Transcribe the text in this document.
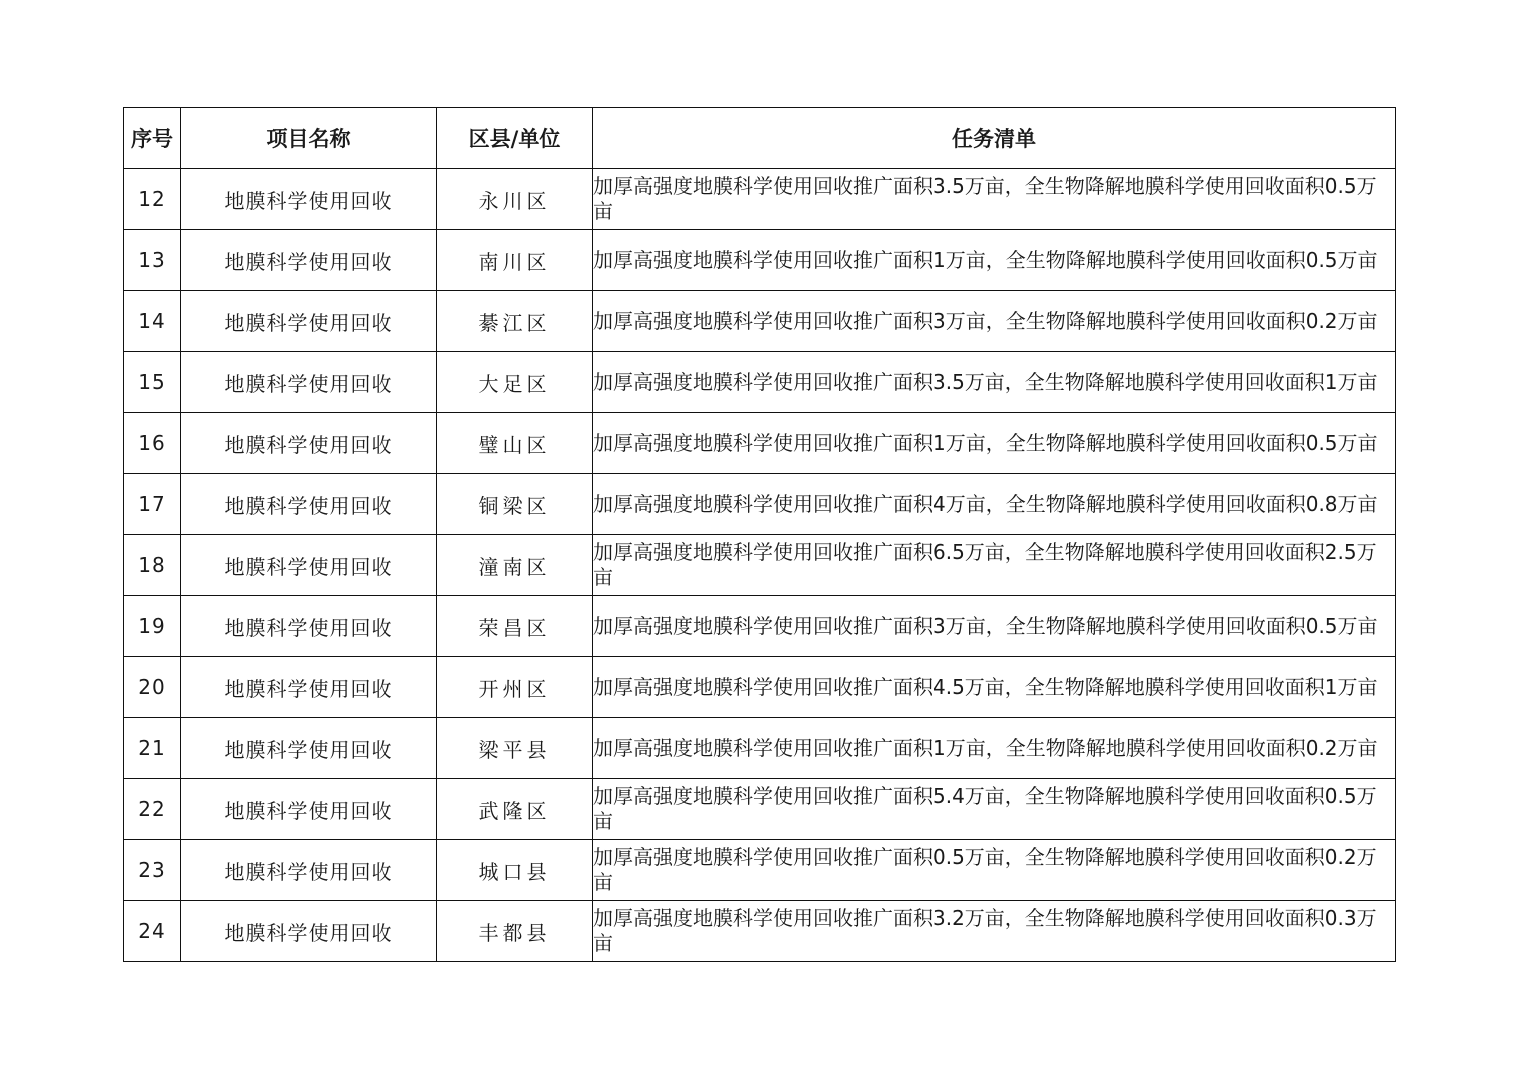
序号	项目名称	区县/单位	任务清单
12	地膜科学使用回收	永川区	加厚高强度地膜科学使用回收推广面积3.5万亩，全生物降解地膜科学使用回收面积0.5万亩
13	地膜科学使用回收	南川区	加厚高强度地膜科学使用回收推广面积1万亩，全生物降解地膜科学使用回收面积0.5万亩
14	地膜科学使用回收	綦江区	加厚高强度地膜科学使用回收推广面积3万亩，全生物降解地膜科学使用回收面积0.2万亩
15	地膜科学使用回收	大足区	加厚高强度地膜科学使用回收推广面积3.5万亩，全生物降解地膜科学使用回收面积1万亩
16	地膜科学使用回收	璧山区	加厚高强度地膜科学使用回收推广面积1万亩，全生物降解地膜科学使用回收面积0.5万亩
17	地膜科学使用回收	铜梁区	加厚高强度地膜科学使用回收推广面积4万亩，全生物降解地膜科学使用回收面积0.8万亩
18	地膜科学使用回收	潼南区	加厚高强度地膜科学使用回收推广面积6.5万亩，全生物降解地膜科学使用回收面积2.5万亩
19	地膜科学使用回收	荣昌区	加厚高强度地膜科学使用回收推广面积3万亩，全生物降解地膜科学使用回收面积0.5万亩
20	地膜科学使用回收	开州区	加厚高强度地膜科学使用回收推广面积4.5万亩，全生物降解地膜科学使用回收面积1万亩
21	地膜科学使用回收	梁平县	加厚高强度地膜科学使用回收推广面积1万亩，全生物降解地膜科学使用回收面积0.2万亩
22	地膜科学使用回收	武隆区	加厚高强度地膜科学使用回收推广面积5.4万亩，全生物降解地膜科学使用回收面积0.5万亩
23	地膜科学使用回收	城口县	加厚高强度地膜科学使用回收推广面积0.5万亩，全生物降解地膜科学使用回收面积0.2万亩
24	地膜科学使用回收	丰都县	加厚高强度地膜科学使用回收推广面积3.2万亩，全生物降解地膜科学使用回收面积0.3万亩
